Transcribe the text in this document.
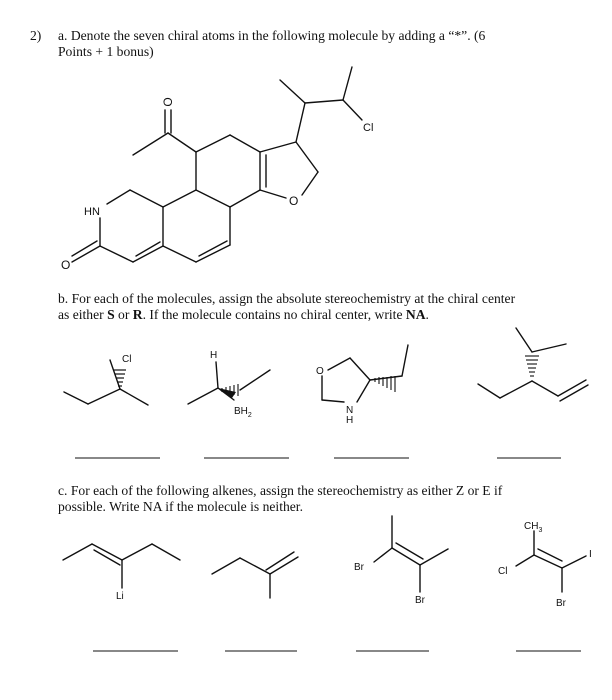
2) a. Denote the seven chiral atoms in the following molecule by adding a “*”. (6
Points + 1 bonus)
b. For each of the molecules, assign the absolute stereochemistry at the chiral center
as either S or R. If the molecule contains no chiral center, write NA.
c. For each of the following alkenes, assign the stereochemistry as either Z or E if
possible. Write NA if the molecule is neither.
O
Cl
HN
O
O
Cl	H
$BH_2$
O
N
H
Li
Br
Br
$CH_3$
I
Cl
Br
